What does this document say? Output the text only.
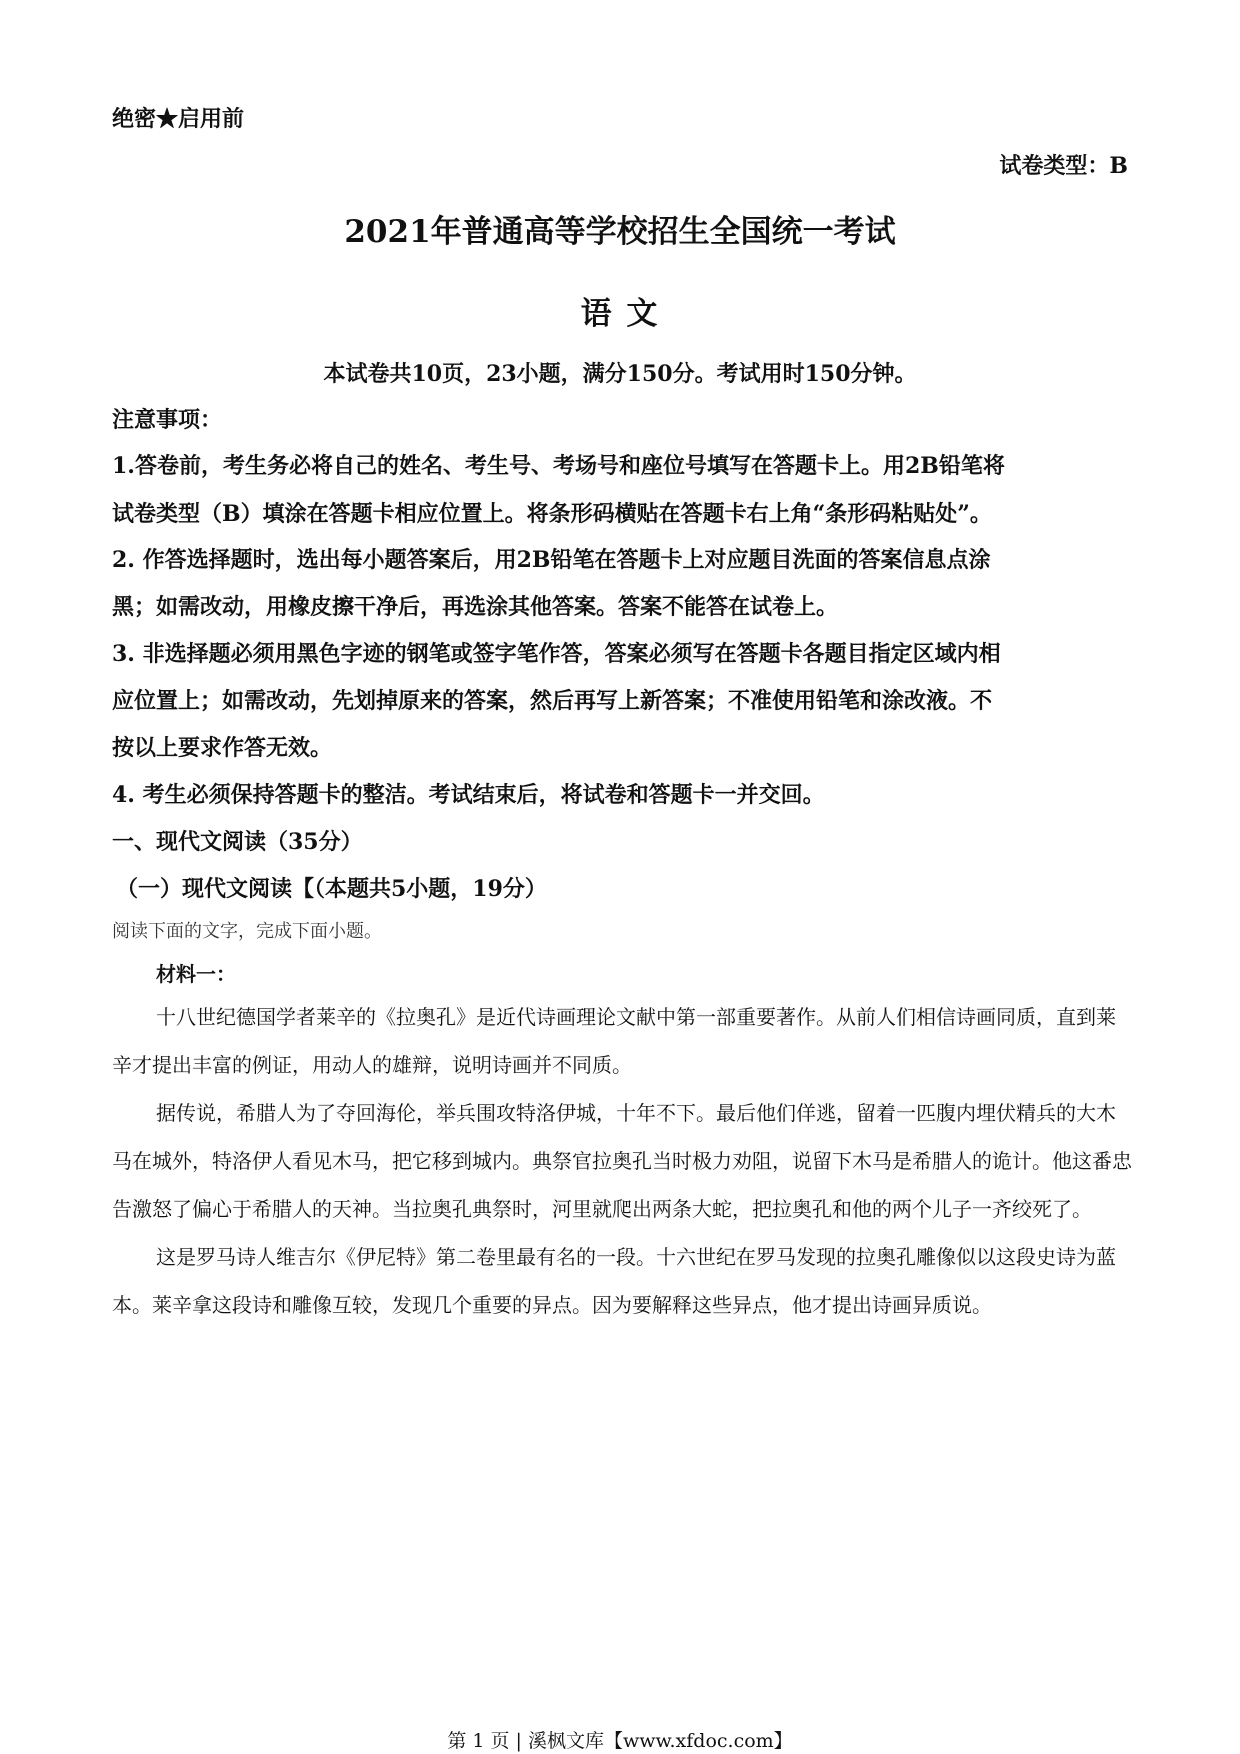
绝密★启用前
试卷类型：B
2021年普通高等学校招生全国统一考试
语 文
本试卷共10页，23小题，满分150分。考试用时150分钟。
注意事项：
1.答卷前，考生务必将自己的姓名、考生号、考场号和座位号填写在答题卡上。用2B铅笔将
试卷类型（B）填涂在答题卡相应位置上。将条形码横贴在答题卡右上角“条形码粘贴处”。
2. 作答选择题时，选出每小题答案后，用2B铅笔在答题卡上对应题目洗面的答案信息点涂
黑；如需改动，用橡皮擦干净后，再选涂其他答案。答案不能答在试卷上。
3. 非选择题必须用黑色字迹的钢笔或签字笔作答，答案必须写在答题卡各题目指定区域内相
应位置上；如需改动，先划掉原来的答案，然后再写上新答案；不准使用铅笔和涂改液。不
按以上要求作答无效。
4. 考生必须保持答题卡的整洁。考试结束后，将试卷和答题卡一并交回。
一、现代文阅读（35分）
（一）现代文阅读【（本题共5小题，19分）
阅读下面的文字，完成下面小题。
材料一：

十八世纪德国学者莱辛的《拉奥孔》是近代诗画理论文献中第一部重要著作。从前人们相信诗画同质，直到莱辛才提出丰富的例证，用动人的雄辩，说明诗画并不同质。

据传说，希腊人为了夺回海伦，举兵围攻特洛伊城，十年不下。最后他们佯逃，留着一匹腹内埋伏精兵的大木马在城外，特洛伊人看见木马，把它移到城内。典祭官拉奥孔当时极力劝阻，说留下木马是希腊人的诡计。他这番忠告激怒了偏心于希腊人的天神。当拉奥孔典祭时，河里就爬出两条大蛇，把拉奥孔和他的两个儿子一齐绞死了。

这是罗马诗人维吉尔《伊尼特》第二卷里最有名的一段。十六世纪在罗马发现的拉奥孔雕像似以这段史诗为蓝本。莱辛拿这段诗和雕像互较，发现几个重要的异点。因为要解释这些异点，他才提出诗画异质说。

第 1 页 | 溪枫文库【www.xfdoc.com】
